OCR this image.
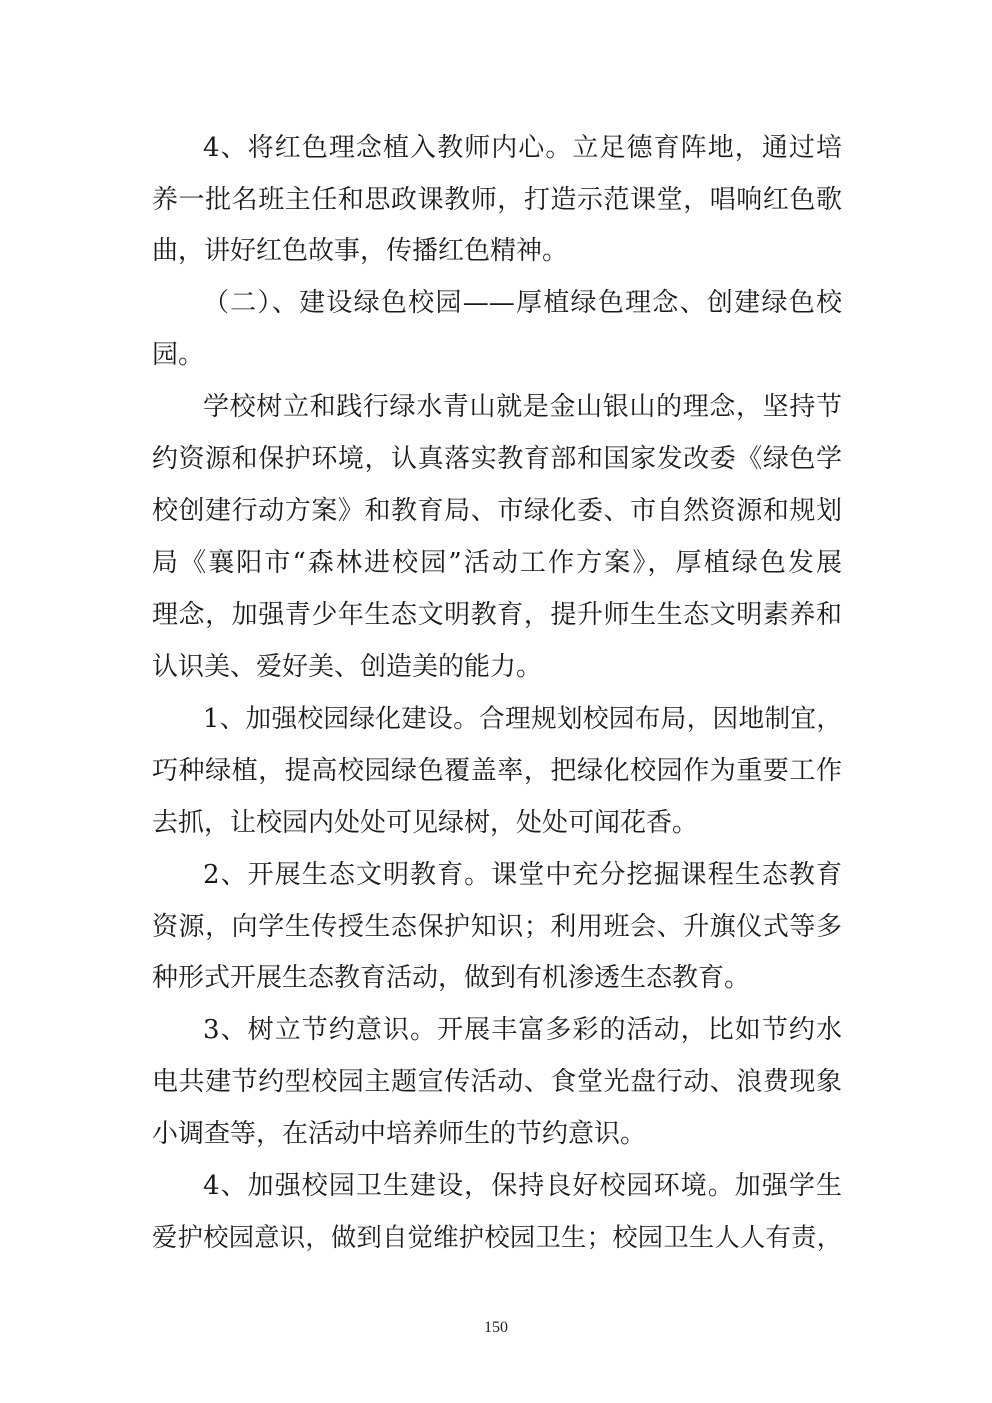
4、将红色理念植入教师内心。立足德育阵地，通过培
养一批名班主任和思政课教师，打造示范课堂，唱响红色歌
曲，讲好红色故事，传播红色精神。
（二）、建设绿色校园——厚植绿色理念、创建绿色校
园。
学校树立和践行绿水青山就是金山银山的理念，坚持节
约资源和保护环境，认真落实教育部和国家发改委《绿色学
校创建行动方案》和教育局、市绿化委、市自然资源和规划
局《襄阳市“森林进校园”活动工作方案》，厚植绿色发展
理念，加强青少年生态文明教育，提升师生生态文明素养和
认识美、爱好美、创造美的能力。
1、加强校园绿化建设。合理规划校园布局，因地制宜，
巧种绿植，提高校园绿色覆盖率，把绿化校园作为重要工作
去抓，让校园内处处可见绿树，处处可闻花香。
2、开展生态文明教育。课堂中充分挖掘课程生态教育
资源，向学生传授生态保护知识；利用班会、升旗仪式等多
种形式开展生态教育活动，做到有机渗透生态教育。
3、树立节约意识。开展丰富多彩的活动，比如节约水
电共建节约型校园主题宣传活动、食堂光盘行动、浪费现象
小调查等，在活动中培养师生的节约意识。
4、加强校园卫生建设，保持良好校园环境。加强学生
爱护校园意识，做到自觉维护校园卫生；校园卫生人人有责，
150
